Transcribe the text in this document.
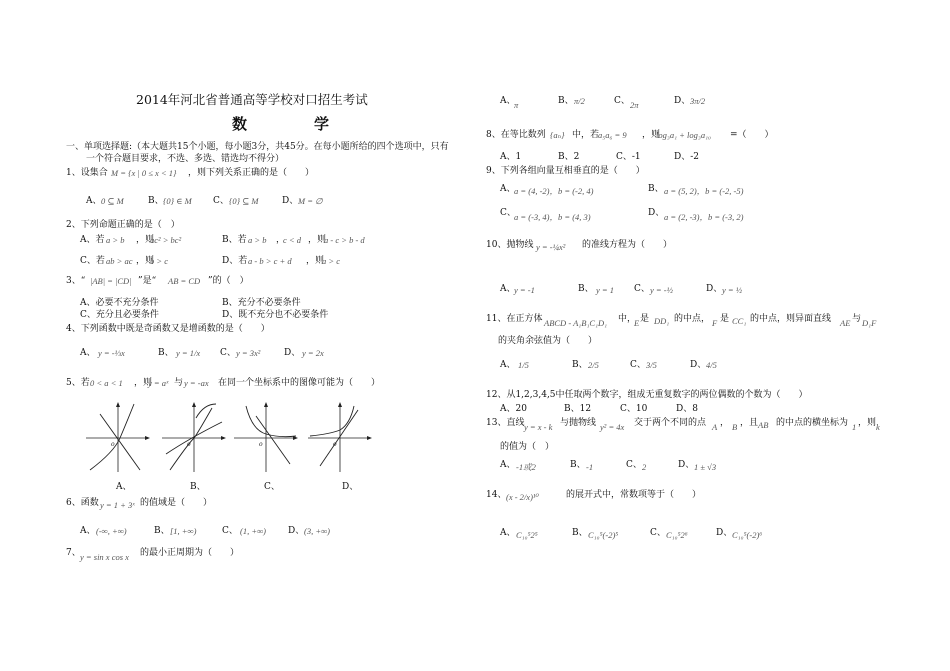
2014年河北省普通高等学校对口招生考试
数　学
一、单项选择题:（本大题共15个小题，每小题3分，共45分。在每小题所给的四个选项中，只有
一个符合题目要求，不选、多选、错选均不得分）
1、设集合 M = {x | 0 ≤ x < 1} ，则下列关系正确的是（　　）
A、 0 ⊆ M	B、 {0} ∈ M C、 {0} ⊆ M	D、 M = ∅
2、下列命题正确的是（　）
A、若 a > b ，则
ac² > bc²	B、若 a > b ，
c < d ，则
a - c > b - d
C、若 ab > ac ，则
b > c	D、若 a - b > c + d ，则
a > c
3、“ |AB| = |CD| ”是“ AB = CD ”的（　）
A、必要不充分条件	B、充分不必要条件
C、充分且必要条件	D、既不充分也不必要条件
4、下列函数中既是奇函数又是增函数的是（　　）
A、 y = -⅓x	B、 y = 1/x C、 y = 3x²	D、 y = 2x
5、若 0 < a < 1 ，则
y = aˣ 与 y = -ax 在同一个坐标系中的图像可能为（　　）
o	o	o	o
A、	B、	C、	D、
6、函数 y = 1 + 3ˣ 的值域是（　　）
A、 (-∞, +∞)	B、 [1, +∞)	C、 (1, +∞) D、 (3, +∞)
7、 y = sin x cos x 的最小正周期为（　　）
A、
π	B、 π/2	C、 2π	D、 3π/2
8、在等比数列 {aₙ} 中，若
a₅a₆ = 9 ，则
log₃a₁ + log₃a₁₀ =（　　）
A、1	B、2	C、-1	D、-2
9、下列各组向量互相垂直的是（　　）
A、
a = (4, -2)，b = (-2, 4)	B、 a = (5, 2)，b = (-2, -5)
C、
a = (-3, 4)，b = (4, 3)	D、 a = (2, -3)，b = (-3, 2)
10、抛物线 y = -¼x² 的准线方程为（　　）
A、
y = -1	B、 y = 1 C、 y = -½	D、 y = ½
11、在正方体 ABCD - A₁B₁C₁D₁ 中，
E 是 DD₁ 的中点， F 是 CC₁ 的中点，则异面直线 AE 与 D₁F
的夹角余弦值为（　　）
A、 1/5	B、 2/5	C、 3/5	D、 4/5
12、从1,2,3,4,5中任取两个数字，组成无重复数字的两位偶数的个数为（　　）
A、20	B、12	C、10	D、8
13、直线 y = x - k 与抛物线 y² = 4x 交于两个不同的点 A ， B ，且 AB 的中点的横坐标为 1 ，则 k
的值为（　）
A、 -1或2	B、 -1	C、 2	D、 1 ± √3
14、 (x - 2/x)¹⁰	的展开式中，常数项等于（　　）
A、 C₁₀⁵2⁵	B、 C₁₀⁵(-2)⁵	C、 C₁₀⁵2⁶	D、 C₁₀⁵(-2)⁶
